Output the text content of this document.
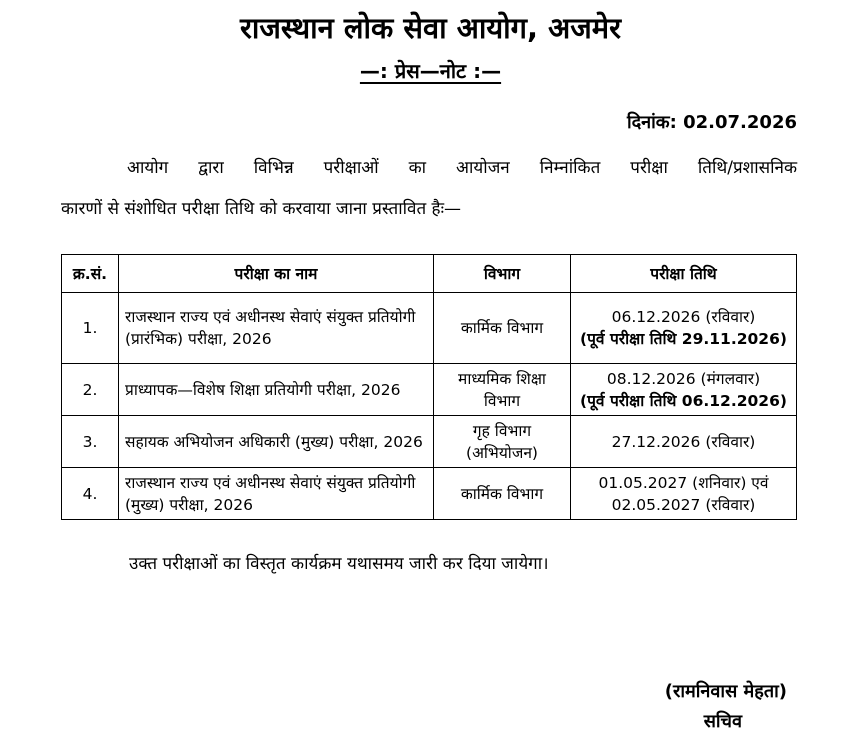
राजस्थान लोक सेवा आयोग, अजमेर
—: प्रेस—नोट :—
दिनांक: 02.07.2026
आयोग द्वारा विभिन्न परीक्षाओं का आयोजन निम्नांकित परीक्षा तिथि/प्रशासनिक
कारणों से संशोधित परीक्षा तिथि को करवाया जाना प्रस्तावित हैः—
क्र.सं.	परीक्षा का नाम	विभाग	परीक्षा तिथि
1.	राजस्थान राज्य एवं अधीनस्थ सेवाएं संयुक्त प्रतियोगी (प्रारंभिक) परीक्षा, 2026	कार्मिक विभाग	06.12.2026 (रविवार)
(पूर्व परीक्षा तिथि 29.11.2026)

2.	प्राध्यापक—विशेष शिक्षा प्रतियोगी परीक्षा, 2026	माध्यमिक शिक्षा विभाग	08.12.2026 (मंगलवार)
(पूर्व परीक्षा तिथि 06.12.2026)

3.	सहायक अभियोजन अधिकारी (मुख्य) परीक्षा, 2026	गृह विभाग (अभियोजन)	27.12.2026 (रविवार)

4.	राजस्थान राज्य एवं अधीनस्थ सेवाएं संयुक्त प्रतियोगी (मुख्य) परीक्षा, 2026	कार्मिक विभाग	01.05.2027 (शनिवार) एवं 02.05.2027 (रविवार)
उक्त परीक्षाओं का विस्तृत कार्यक्रम यथासमय जारी कर दिया जायेगा।
(रामनिवास मेहता)
सचिव
